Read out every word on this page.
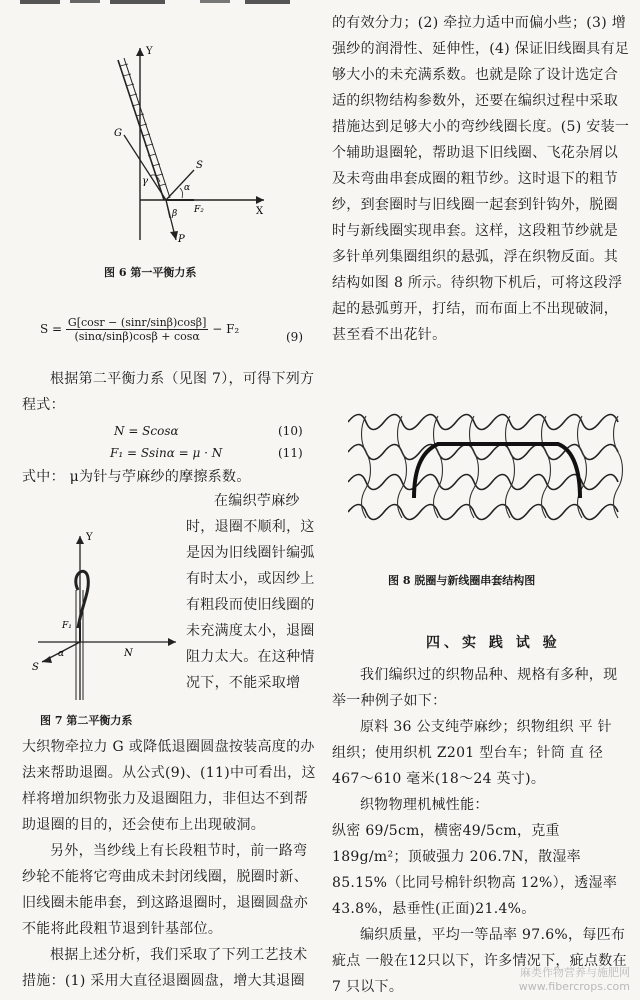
Y
X
G
S
P
F₂
γ
α
β
图 6 第一平衡力系
$S = \frac{G[\cos r - (\sin r/\sin\beta)\cos\beta]}{(\sin\alpha/\sin\beta)\cos\beta + \cos\alpha} - F_2$
(9)
根据第二平衡力系（见图 7），可得下列方程式：
N = Scosα	(10)
F₁ = Ssinα = μ · N	(11)
式中： μ为针与苧麻纱的摩擦系数。
在编织苧麻纱时，退圈不顺利，这是因为旧线圈针编弧有时太小，或因纱上有粗段而使旧线圈的未充满度太小，退圈阻力太大。在这种情况下，不能采取增
Y
F₁
N
S
α
图 7 第二平衡力系
大织物牵拉力 G 或降低退圈圆盘按装高度的办法来帮助退圈。从公式(9)、(11)中可看出，这样将增加织物张力及退圈阻力，非但达不到帮助退圈的目的，还会使布上出现破洞。
另外，当纱线上有长段粗节时，前一路弯纱轮不能将它弯曲成未封闭线圈，脱圈时新、旧线圈未能串套，到这路退圈时，退圈圆盘亦不能将此段粗节退到针基部位。
根据上述分析，我们采取了下列工艺技术措施：(1) 采用大直径退圈圆盘，增大其退圈
的有效分力；(2) 牵拉力适中而偏小些；(3) 增强纱的润滑性、延伸性，(4) 保证旧线圈具有足够大小的未充满系数。也就是除了设计选定合适的织物结构参数外，还要在编织过程中采取措施达到足够大小的弯纱线圈长度。(5) 安装一个辅助退圈轮，帮助退下旧线圈、飞花杂屑以及未弯曲串套成圈的粗节纱。这时退下的粗节纱，到套圈时与旧线圈一起套到针钩外，脱圈时与新线圈实现串套。这样，这段粗节纱就是多针单列集圈组织的悬弧，浮在织物反面。其结构如图 8 所示。待织物下机后，可将这段浮起的悬弧剪开，打结，而布面上不出现破洞，甚至看不出花针。
图 8 脱圈与新线圈串套结构图
四、实 践 试 验
我们编织过的织物品种、规格有多种，现举一种例子如下：
原料 36 公支纯苧麻纱；织物组织 平 针 组织；使用织机 Z201 型台车；针筒 直 径 467～610 毫米(18～24 英寸)。
织物物理机械性能：
纵密 69/5cm，横密49/5cm，克重189g/m²；顶破强力 206.7N，散湿率 85.15%（比同号棉针织物高 12%），透湿率 43.8%，悬垂性(正面)21.4%。
编织质量，平均一等品率 97.6%，每匹布疵点 一般在12只以下，许多情况下，疵点数在 7 只以下。
麻类作物营养与施肥网
www.fibercrops.com
